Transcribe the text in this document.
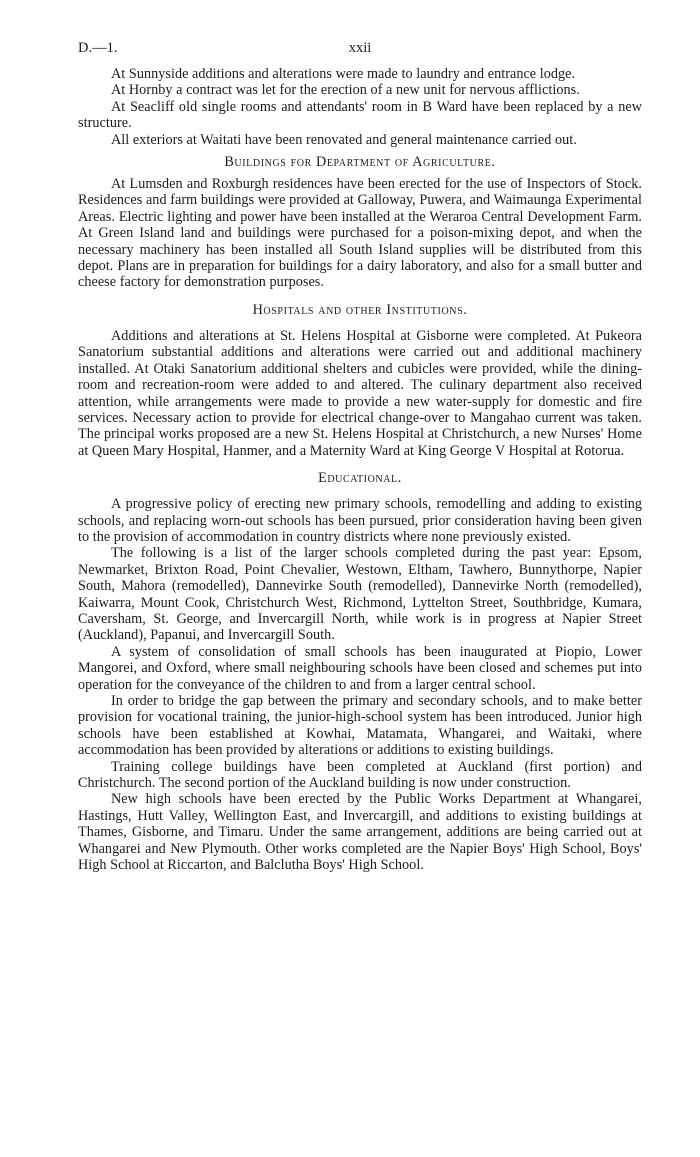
D.—1.	xxii

At Sunnyside additions and alterations were made to laundry and entrance lodge.

At Hornby a contract was let for the erection of a new unit for nervous afflictions.

At Seacliff old single rooms and attendants' room in B Ward have been replaced by a new structure.

All exteriors at Waitati have been renovated and general maintenance carried out.

Buildings for Department of Agriculture.

At Lumsden and Roxburgh residences have been erected for the use of Inspectors of Stock. Residences and farm buildings were provided at Galloway, Puwera, and Waimaunga Experimental Areas. Electric lighting and power have been installed at the Weraroa Central Development Farm. At Green Island land and buildings were purchased for a poison-mixing depot, and when the necessary machinery has been installed all South Island supplies will be distributed from this depot. Plans are in preparation for buildings for a dairy laboratory, and also for a small butter and cheese factory for demonstration purposes.

Hospitals and other Institutions.

Additions and alterations at St. Helens Hospital at Gisborne were completed. At Pukeora Sanatorium substantial additions and alterations were carried out and additional machinery installed. At Otaki Sanatorium additional shelters and cubicles were provided, while the dining-room and recreation-room were added to and altered. The culinary department also received attention, while arrangements were made to provide a new water-supply for domestic and fire services. Necessary action to provide for electrical change-over to Mangahao current was taken. The principal works proposed are a new St. Helens Hospital at Christchurch, a new Nurses' Home at Queen Mary Hospital, Hanmer, and a Maternity Ward at King George V Hospital at Rotorua.

Educational.

A progressive policy of erecting new primary schools, remodelling and adding to existing schools, and replacing worn-out schools has been pursued, prior consideration having been given to the provision of accommodation in country districts where none previously existed.

The following is a list of the larger schools completed during the past year: Epsom, Newmarket, Brixton Road, Point Chevalier, Westown, Eltham, Tawhero, Bunnythorpe, Napier South, Mahora (remodelled), Dannevirke South (remodelled), Dannevirke North (remodelled), Kaiwarra, Mount Cook, Christchurch West, Richmond, Lyttelton Street, Southbridge, Kumara, Caversham, St. George, and Invercargill North, while work is in progress at Napier Street (Auckland), Papanui, and Invercargill South.

A system of consolidation of small schools has been inaugurated at Piopio, Lower Mangorei, and Oxford, where small neighbouring schools have been closed and schemes put into operation for the conveyance of the children to and from a larger central school.

In order to bridge the gap between the primary and secondary schools, and to make better provision for vocational training, the junior-high-school system has been introduced. Junior high schools have been established at Kowhai, Matamata, Whangarei, and Waitaki, where accommodation has been provided by alterations or additions to existing buildings.

Training college buildings have been completed at Auckland (first portion) and Christchurch. The second portion of the Auckland building is now under construction.

New high schools have been erected by the Public Works Department at Whangarei, Hastings, Hutt Valley, Wellington East, and Invercargill, and additions to existing buildings at Thames, Gisborne, and Timaru. Under the same arrangement, additions are being carried out at Whangarei and New Plymouth. Other works completed are the Napier Boys' High School, Boys' High School at Riccarton, and Balclutha Boys' High School.
